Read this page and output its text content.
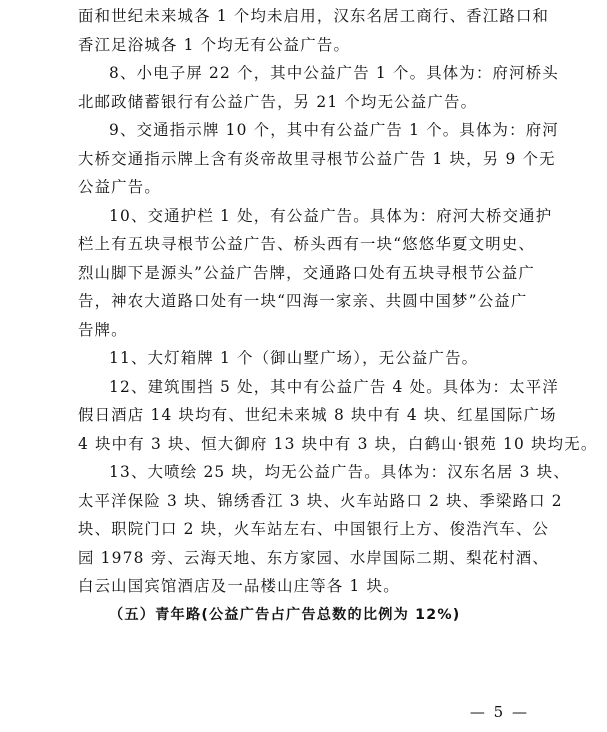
面和世纪未来城各 1 个均未启用，汉东名居工商行、香江路口和
香江足浴城各 1 个均无有公益广告。
8、小电子屏 22 个，其中公益广告 1 个。具体为：府河桥头
北邮政储蓄银行有公益广告，另 21 个均无公益广告。
9、交通指示牌 10 个，其中有公益广告 1 个。具体为：府河
大桥交通指示牌上含有炎帝故里寻根节公益广告 1 块，另 9 个无
公益广告。
10、交通护栏 1 处，有公益广告。具体为：府河大桥交通护
栏上有五块寻根节公益广告、桥头西有一块“悠悠华夏文明史、
烈山脚下是源头”公益广告牌，交通路口处有五块寻根节公益广
告，神农大道路口处有一块“四海一家亲、共圆中国梦”公益广
告牌。
11、大灯箱牌 1 个（御山墅广场），无公益广告。
12、建筑围挡 5 处，其中有公益广告 4 处。具体为：太平洋
假日酒店 14 块均有、世纪未来城 8 块中有 4 块、红星国际广场
4 块中有 3 块、恒大御府 13 块中有 3 块，白鹤山·银苑 10 块均无。
13、大喷绘 25 块，均无公益广告。具体为：汉东名居 3 块、
太平洋保险 3 块、锦绣香江 3 块、火车站路口 2 块、季梁路口 2
块、职院门口 2 块，火车站左右、中国银行上方、俊浩汽车、公
园 1978 旁、云海天地、东方家园、水岸国际二期、梨花村酒、
白云山国宾馆酒店及一品楼山庄等各 1 块。
（五）青年路(公益广告占广告总数的比例为 12%)
— 5 —
